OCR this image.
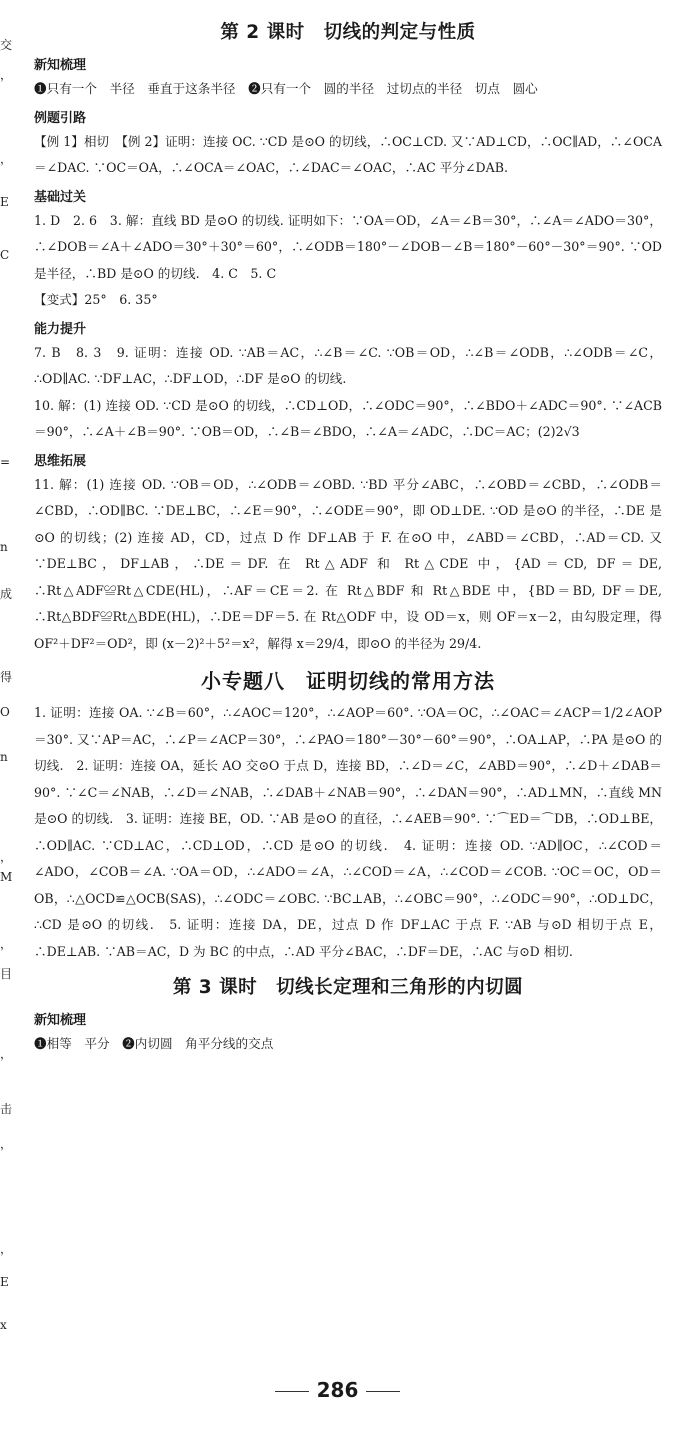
交
，
，
E
C
=
n
成
得
O
n
，
M
，
目
，
击
，
，
E
x
第 2 课时　切线的判定与性质
新知梳理

❶只有一个　半径　垂直于这条半径　❷只有一个　圆的半径　过切点的半径　切点　圆心

例题引路

【例 1】相切　【例 2】证明：连接 OC. ∵CD 是⊙O 的切线，∴OC⊥CD. 又∵AD⊥CD，∴OC∥AD，∴∠OCA＝∠DAC. ∵OC＝OA，∴∠OCA＝∠OAC，∴∠DAC＝∠OAC，∴AC 平分∠DAB.

基础过关

1. D　2. 6　3. 解：直线 BD 是⊙O 的切线. 证明如下：∵OA＝OD，∠A＝∠B＝30°，∴∠A＝∠ADO＝30°，∴∠DOB＝∠A＋∠ADO＝30°＋30°＝60°，∴∠ODB＝180°－∠DOB－∠B＝180°－60°－30°＝90°. ∵OD 是半径，∴BD 是⊙O 的切线.　4. C　5. C

【变式】25°　6. 35°

能力提升

7. B　8. 3　9. 证明：连接 OD. ∵AB＝AC，∴∠B＝∠C. ∵OB＝OD，∴∠B＝∠ODB，∴∠ODB＝∠C，∴OD∥AC. ∵DF⊥AC，∴DF⊥OD，∴DF 是⊙O 的切线.

10. 解：(1) 连接 OD. ∵CD 是⊙O 的切线，∴CD⊥OD，∴∠ODC＝90°，∴∠BDO＋∠ADC＝90°. ∵∠ACB＝90°，∴∠A＋∠B＝90°. ∵OB＝OD，∴∠B＝∠BDO，∴∠A＝∠ADC，∴DC＝AC；(2)2√3

思维拓展

11. 解：(1) 连接 OD. ∵OB＝OD，∴∠ODB＝∠OBD. ∵BD 平分∠ABC，∴∠OBD＝∠CBD，∴∠ODB＝∠CBD，∴OD∥BC. ∵DE⊥BC，∴∠E＝90°，∴∠ODE＝90°，即 OD⊥DE. ∵OD 是⊙O 的半径，∴DE 是⊙O 的切线；(2) 连接 AD，CD，过点 D 作 DF⊥AB 于 F. 在⊙O 中，∠ABD＝∠CBD，∴AD＝CD. 又∵DE⊥BC，DF⊥AB，∴DE＝DF. 在 Rt△ADF 和 Rt△CDE 中，{AD＝CD, DF＝DE, ∴Rt△ADF≌Rt△CDE(HL)，∴AF＝CE＝2. 在 Rt△BDF 和 Rt△BDE 中，{BD＝BD, DF＝DE, ∴Rt△BDF≌Rt△BDE(HL)，∴DE＝DF＝5. 在 Rt△ODF 中，设 OD＝x，则 OF＝x－2，由勾股定理，得 OF²＋DF²＝OD²，即 (x－2)²＋5²＝x²，解得 x＝29/4，即⊙O 的半径为 29/4.

小专题八　证明切线的常用方法

1. 证明：连接 OA. ∵∠B＝60°，∴∠AOC＝120°，∴∠AOP＝60°. ∵OA＝OC，∴∠OAC＝∠ACP＝1/2∠AOP＝30°. 又∵AP＝AC，∴∠P＝∠ACP＝30°，∴∠PAO＝180°－30°－60°＝90°，∴OA⊥AP，∴PA 是⊙O 的切线.　2. 证明：连接 OA，延长 AO 交⊙O 于点 D，连接 BD，∴∠D＝∠C，∠ABD＝90°，∴∠D＋∠DAB＝90°. ∵∠C＝∠NAB，∴∠D＝∠NAB，∴∠DAB＋∠NAB＝90°，∴∠DAN＝90°，∴AD⊥MN，∴直线 MN 是⊙O 的切线.　3. 证明：连接 BE，OD. ∵AB 是⊙O 的直径，∴∠AEB＝90°. ∵⌒ED＝⌒DB，∴OD⊥BE，∴OD∥AC. ∵CD⊥AC，∴CD⊥OD，∴CD 是⊙O 的切线.　4. 证明：连接 OD. ∵AD∥OC，∴∠COD＝∠ADO，∠COB＝∠A. ∵OA＝OD，∴∠ADO＝∠A，∴∠COD＝∠A，∴∠COD＝∠COB. ∵OC＝OC，OD＝OB，∴△OCD≌△OCB(SAS)，∴∠ODC＝∠OBC. ∵BC⊥AB，∴∠OBC＝90°，∴∠ODC＝90°，∴OD⊥DC，∴CD 是⊙O 的切线.　5. 证明：连接 DA，DE，过点 D 作 DF⊥AC 于点 F. ∵AB 与⊙D 相切于点 E，∴DE⊥AB. ∵AB＝AC，D 为 BC 的中点，∴AD 平分∠BAC，∴DF＝DE，∴AC 与⊙D 相切.

第 3 课时　切线长定理和三角形的内切圆
新知梳理

❶相等　平分　❷内切圆　角平分线的交点

286
